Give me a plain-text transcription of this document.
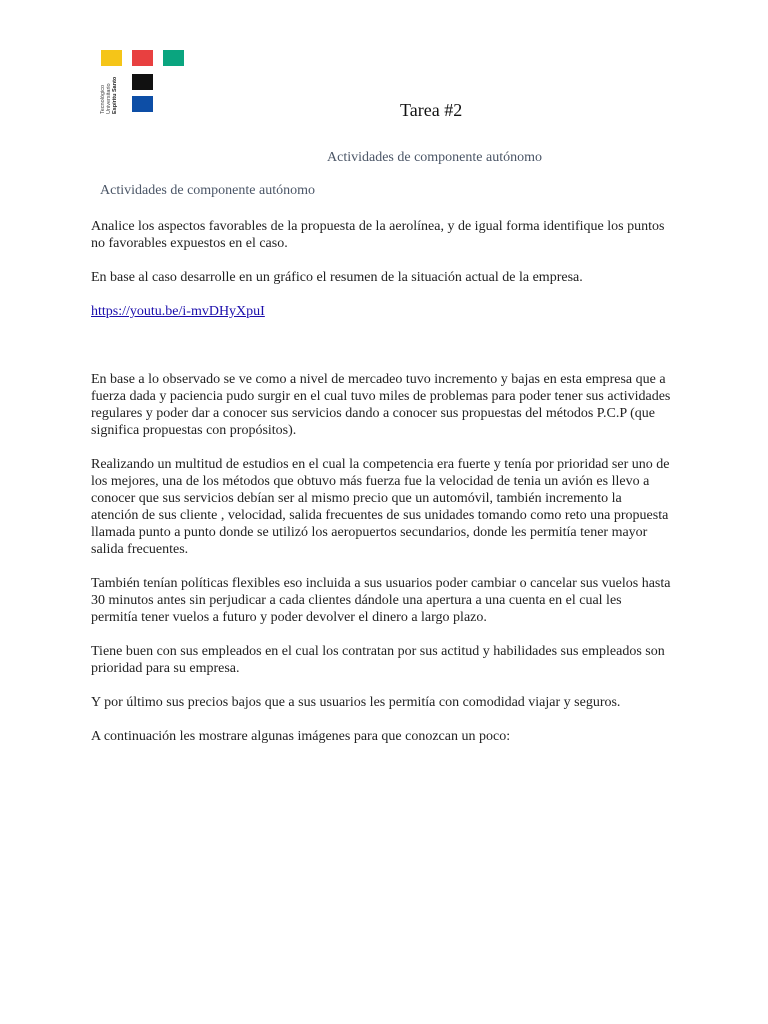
Tecnológico Universitario Espíritu Santo	Tarea #2
Actividades de componente autónomo
Actividades de componente autónomo

Analice los aspectos favorables de la propuesta de la aerolínea, y de igual forma identifique los puntos no favorables expuestos en el caso.

En base al caso desarrolle en un gráfico el resumen de la situación actual de la empresa.

https://youtu.be/i-mvDHyXpuI

En base a lo observado se ve como a nivel de mercadeo tuvo incremento y bajas en esta empresa que a fuerza dada y paciencia pudo surgir en el cual tuvo miles de problemas para poder tener sus actividades regulares y poder dar a conocer sus servicios dando a conocer sus propuestas del métodos P.C.P (que significa propuestas con propósitos).

Realizando un multitud de estudios en el cual la competencia era fuerte y tenía por prioridad ser uno de los mejores, una de los métodos que obtuvo más fuerza fue la velocidad de tenia un avión es llevo a conocer que sus servicios debían ser al mismo precio que un automóvil, también incremento la atención de sus cliente , velocidad, salida frecuentes de sus unidades tomando como reto una propuesta llamada punto a punto donde se utilizó los aeropuertos secundarios, donde les permitía tener mayor salida frecuentes.

También tenían políticas flexibles eso incluida a sus usuarios poder cambiar o cancelar sus vuelos hasta 30 minutos antes sin perjudicar a cada clientes dándole una apertura a una cuenta en el cual les permitía tener vuelos a futuro y poder devolver el dinero a largo plazo.

Tiene buen con sus empleados en el cual los contratan por sus actitud y habilidades sus empleados son prioridad para su empresa.

Y por último sus precios bajos que a sus usuarios les permitía con comodidad viajar y seguros.

A continuación les mostrare algunas imágenes para que conozcan un poco:
